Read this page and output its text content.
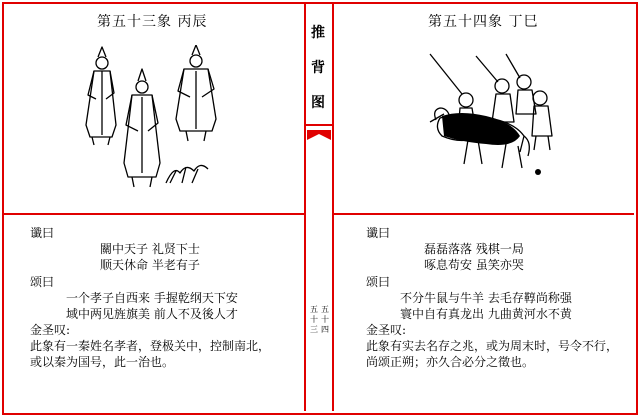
推
背
图
五
十
三
五
十
四
第五十三象 丙辰
谶曰
關中天子 礼贤下士
顺天休命 半老有子
颂曰
一个孝子自西来 手握乾纲天下安
域中两见旌旗美 前人不及後人才
金圣叹:
此象有一秦姓名孝者，登极关中，控制南北，
或以秦为国号，此一治也。
第五十四象 丁巳
谶曰
磊磊落落 残棋一局
啄息苟安 虽笑亦哭
颂曰
不分牛鼠与牛羊 去毛存鞟尚称强
寰中自有真龙出 九曲黄河水不黄
金圣叹:
此象有实去名存之兆，或为周末时，号令不行，
尚颂正朔；亦久合必分之徵也。
